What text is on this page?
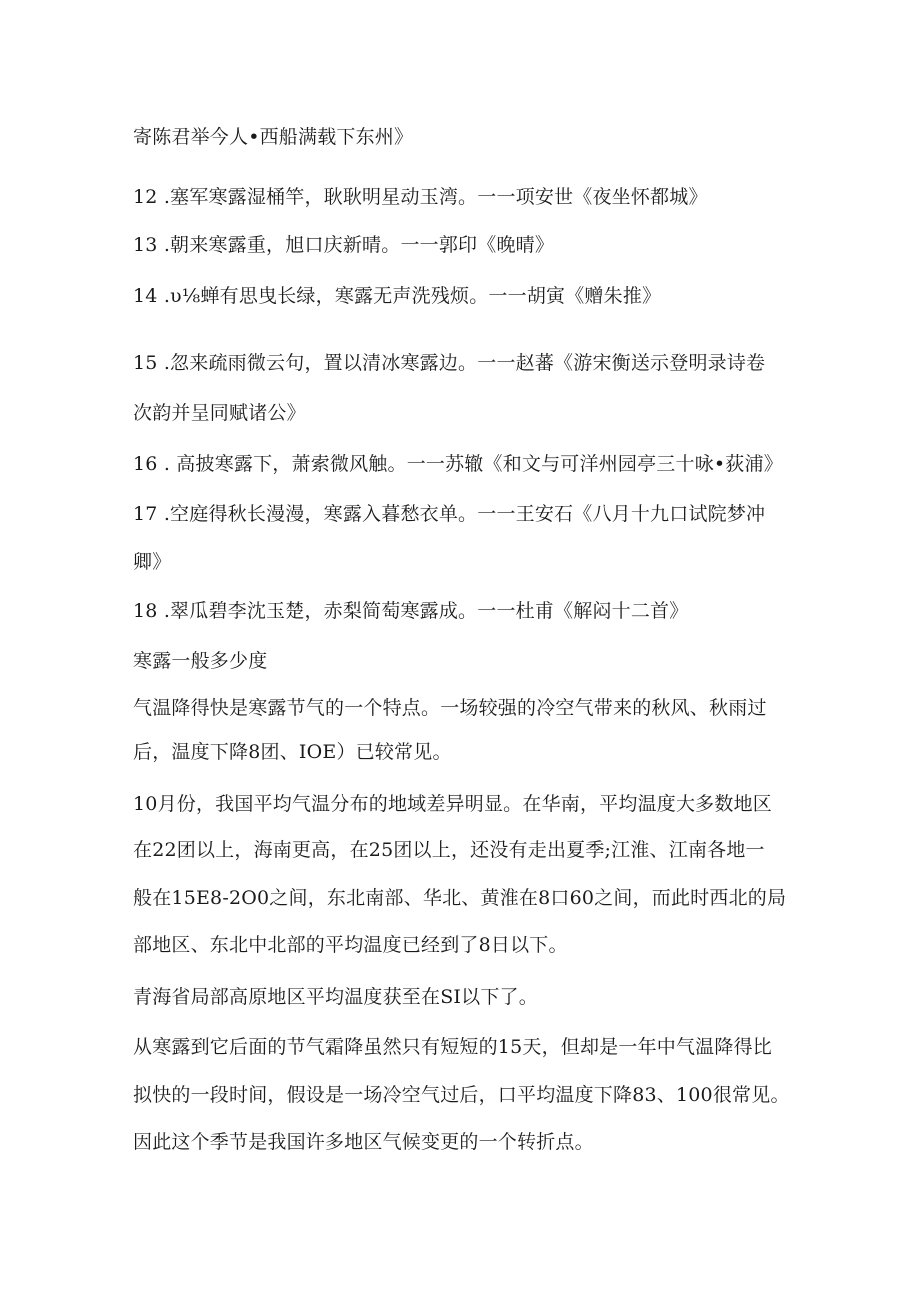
寄陈君举今人•西船满载下东州》
12 .塞军寒露湿桶竿，耿耿明星动玉湾。一一项安世《夜坐怀都城》
13 .朝来寒露重，旭口庆新晴。一一郭印《晚晴》
14 .υ⅛蝉有思曳长绿，寒露无声洗残烦。一一胡寅《赠朱推》
15 .忽来疏雨微云句，置以清冰寒露边。一一赵蕃《游宋衡送示登明录诗卷
次韵并呈同赋诸公》
16 . 高披寒露下，萧索微风触。一一苏辙《和文与可洋州园亭三十咏•荻浦》
17 .空庭得秋长漫漫，寒露入暮愁衣单。一一王安石《八月十九口试院梦冲
卿》
18 .翠瓜碧李沈玉楚，赤梨简萄寒露成。一一杜甫《解闷十二首》
寒露一般多少度
气温降得快是寒露节气的一个特点。一场较强的冷空气带来的秋风、秋雨过
后，温度下降8团、IOE）已较常见。
10月份，我国平均气温分布的地域差异明显。在华南，平均温度大多数地区
在22团以上，海南更高，在25团以上，还没有走出夏季;江淮、江南各地一
般在15E8-2O0之间，东北南部、华北、黄淮在8口60之间，而此时西北的局
部地区、东北中北部的平均温度已经到了8日以下。
青海省局部高原地区平均温度获至在SI以下了。
从寒露到它后面的节气霜降虽然只有短短的15天，但却是一年中气温降得比
拟快的一段时间，假设是一场冷空气过后，口平均温度下降83、100很常见。
因此这个季节是我国许多地区气候变更的一个转折点。
